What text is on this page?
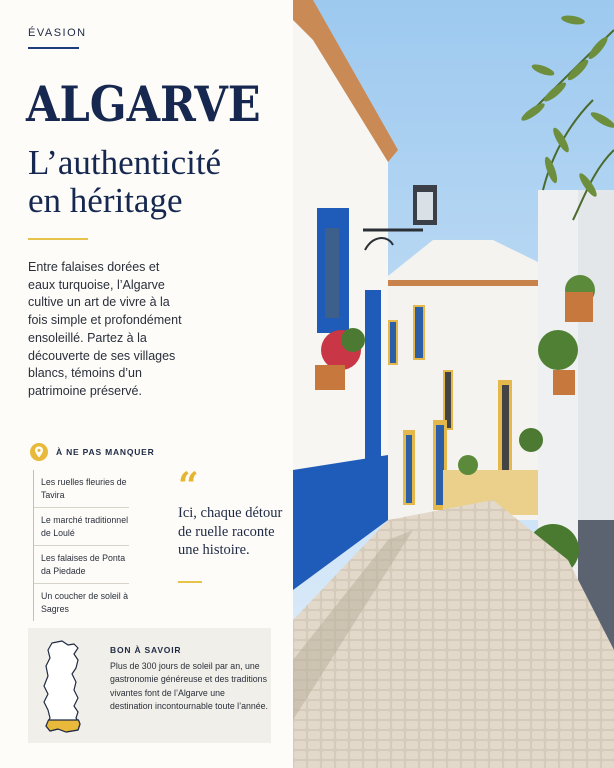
ÉVASION
ALGARVE
L’authenticité
en héritage
Entre falaises dorées et eaux turquoise, l’Algarve cultive un art de vivre à la fois simple et profondément ensoleillé. Partez à la découverte de ses villages blancs, témoins d’un patrimoine préservé.
À NE PAS MANQUER
Les ruelles fleuries de Tavira
Le marché traditionnel de Loulé
Les falaises de Ponta da Piedade
Un coucher de soleil à Sagres
“
Ici, chaque détour de ruelle raconte une histoire.
BON À SAVOIR
Plus de 300 jours de soleil par an, une gastronomie généreuse et des traditions vivantes font de l’Algarve une destination incontournable toute l’année.
